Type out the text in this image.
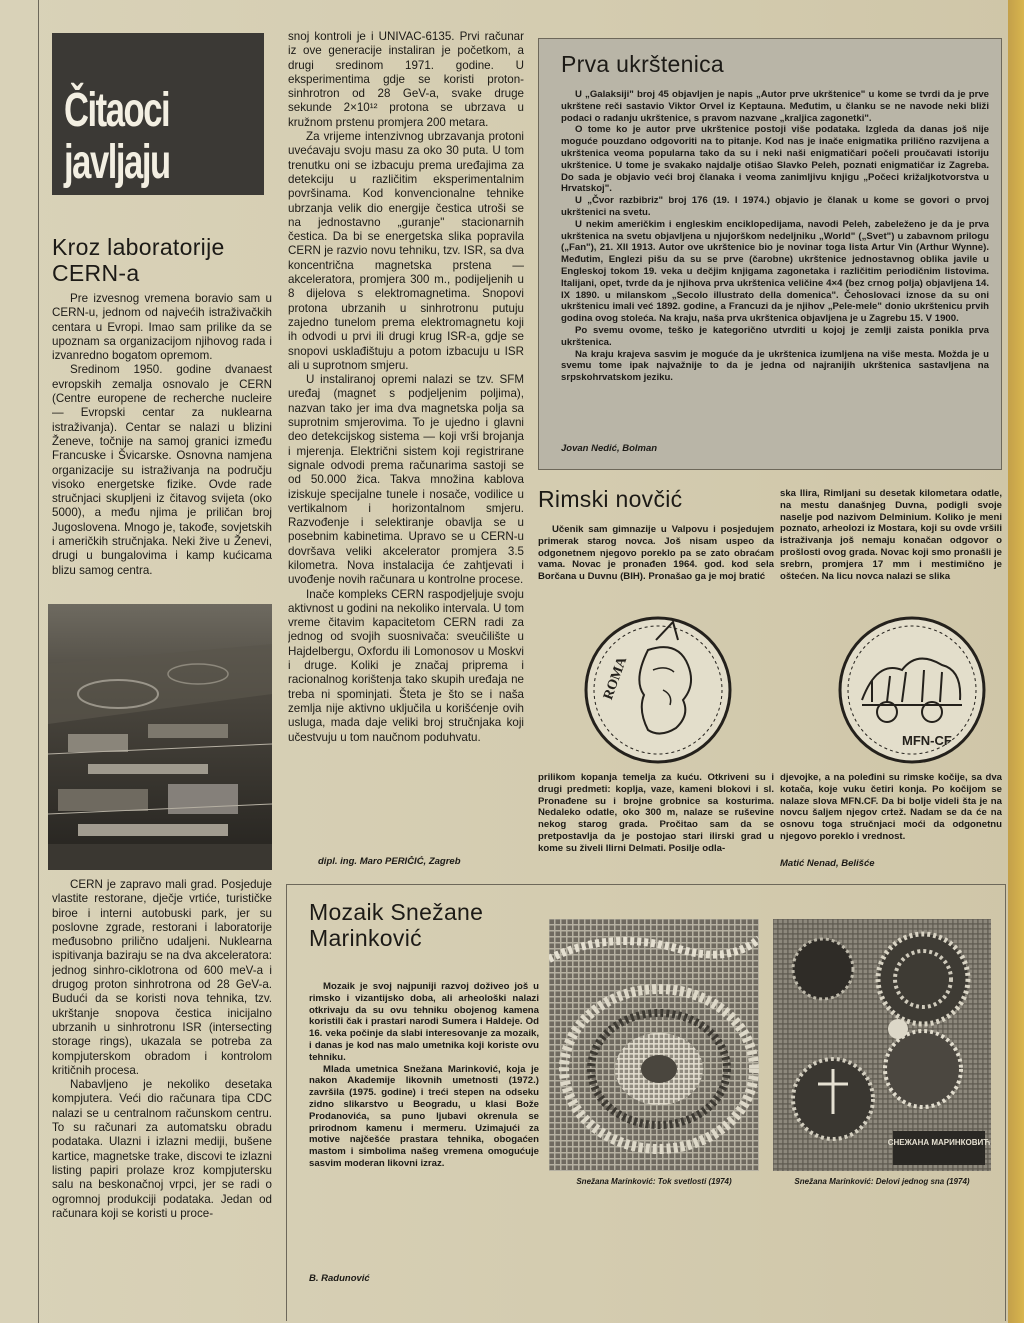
Čitaoci
javljaju
Kroz laboratorije
CERN-a

Pre izvesnog vremena boravio sam u CERN-u, jednom od najvećih istraživačkih centara u Evropi. Imao sam prilike da se upoznam sa organizacijom njihovog rada i izvanredno bogatom opremom.

Sredinom 1950. godine dvanaest evropskih zemalja osnovalo je CERN (Centre europene de recherche nucleire — Evropski centar za nuklearna istraživanja). Centar se nalazi u blizini Ženeve, točnije na samoj granici između Francuske i Švicarske. Osnovna namjena organizacije su istraživanja na području visoko energetske fizike. Ovde rade stručnjaci skupljeni iz čitavog svijeta (oko 5000), a među njima je priličan broj Jugoslovena. Mnogo je, takođe, sovjetskih i američkih stručnjaka. Neki žive u Ženevi, drugi u bungalovima i kamp kućicama blizu samog centra.

CERN je zapravo mali grad. Posjeduje vlastite restorane, dječje vrtiće, turističke biroe i interni autobuski park, jer su poslovne zgrade, restorani i laboratorije međusobno prilično udaljeni. Nuklearna ispitivanja baziraju se na dva akceleratora: jednog sinhro-ciklotrona od 600 meV-a i drugog proton sinhrotrona od 28 GeV-a. Budući da se koristi nova tehnika, tzv. ukrštanje snopova čestica inicijalno ubrzanih u sinhrotronu ISR (intersecting storage rings), ukazala se potreba za kompjuterskom obradom i kontrolom kritičnih procesa.

Nabavljeno je nekoliko desetaka kompjutera. Veći dio računara tipa CDC nalazi se u centralnom računskom centru. To su računari za automatsku obradu podataka. Ulazni i izlazni mediji, bušene kartice, magnetske trake, discovi te izlazni listing papiri prolaze kroz kompjutersku salu na beskonačnoj vrpci, jer se radi o ogromnoj produkciji podataka. Jedan od računara koji se koristi u proce-

snoj kontroli je i UNIVAC-6135. Prvi računar iz ove generacije instaliran je početkom, a drugi sredinom 1971. godine. U eksperimentima gdje se koristi proton-sinhrotron od 28 GeV-a, svake druge sekunde 2×10¹² protona se ubrzava u kružnom prstenu promjera 200 metara.

Za vrijeme intenzivnog ubrzavanja protoni uvećavaju svoju masu za oko 30 puta. U tom trenutku oni se izbacuju prema uređajima za detekciju u različitim eksperimentalnim površinama. Kod konvencionalne tehnike ubrzanja velik dio energije čestica utroši se na jednostavno „guranje" stacionarnih čestica. Da bi se energetska slika popravila CERN je razvio novu tehniku, tzv. ISR, sa dva koncentrična magnetska prstena — akceleratora, promjera 300 m., podijeljenih u 8 dijelova s elektromagnetima. Snopovi protona ubrzanih u sinhrotronu putuju zajedno tunelom prema elektromagnetu koji ih odvodi u prvi ili drugi krug ISR-a, gdje se snopovi usklađištuju a potom izbacuju u ISR ali u suprotnom smjeru.

U instaliranoj opremi nalazi se tzv. SFM uređaj (magnet s podjeljenim poljima), nazvan tako jer ima dva magnetska polja sa suprotnim smjerovima. To je ujedno i glavni deo detekcijskog sistema — koji vrši brojanja i mjerenja. Električni sistem koji registrirane signale odvodi prema računarima sastoji se od 50.000 žica. Takva množina kablova iziskuje specijalne tunele i nosače, vodilice u vertikalnom i horizontalnom smjeru. Razvođenje i selektiranje obavlja se u posebnim kabinetima. Upravo se u CERN-u dovršava veliki akcelerator promjera 3.5 kilometra. Nova instalacija će zahtjevati i uvođenje novih računara u kontrolne procese.

Inače kompleks CERN raspodjeljuje svoju aktivnost u godini na nekoliko intervala. U tom vreme čitavim kapacitetom CERN radi za jednog od svojih suosnivača: sveučilište u Hajdelbergu, Oxfordu ili Lomonosov u Moskvi i druge. Koliki je značaj priprema i racionalnog korištenja tako skupih uređaja ne treba ni spominjati. Šteta je što se i naša zemlja nije aktivno uključila u korišćenje ovih usluga, mada daje veliki broj stručnjaka koji učestvuju u tom naučnom poduhvatu.

dipl. ing. Maro PERIČIĆ, Zagreb
Prva ukrštenica

U „Galaksiji" broj 45 objavljen je napis „Autor prve ukrštenice" u kome se tvrdi da je prve ukrštene reči sastavio Viktor Orvel iz Keptauna. Međutim, u članku se ne navode neki bliži podaci o radanju ukrštenice, s pravom nazvane „kraljica zagonetki".

O tome ko je autor prve ukrštenice postoji više podataka. Izgleda da danas još nije moguće pouzdano odgovoriti na to pitanje. Kod nas je inače enigmatika prilično razvijena a ukrštenica veoma popularna tako da su i neki naši enigmatičari počeli proučavati istoriju ukrštenice. U tome je svakako najdalje otišao Slavko Peleh, poznati enigmatičar iz Zagreba. Do sada je objavio veći broj članaka i veoma zanimljivu knjigu „Počeci križaljkotvorstva u Hrvatskoj".

U „Čvor razbibriz" broj 176 (19. I 1974.) objavio je članak u kome se govori o prvoj ukrštenici na svetu.

U nekim američkim i engleskim enciklopedijama, navodi Peleh, zabeleženo je da je prva ukrštenica na svetu objavljena u njujorškom nedeljniku „World" („Svet") u zabavnom prilogu („Fan"), 21. XII 1913. Autor ove ukrštenice bio je novinar toga lista Artur Vin (Arthur Wynne). Međutim, Englezi pišu da su se prve (čarobne) ukrštenice jednostavnog oblika javile u Engleskoj tokom 19. veka u dečjim knjigama zagonetaka i različitim periodičnim listovima. Italijani, opet, tvrde da je njihova prva ukrštenica veličine 4×4 (bez crnog polja) objavljena 14. IX 1890. u milanskom „Secolo illustrato della domenica". Čehoslovaci iznose da su oni ukrštenicu imali već 1892. godine, a Francuzi da je njihov „Pele-mele" donio ukrštenicu prvih godina ovog stoleća. Na kraju, naša prva ukrštenica objavljena je u Zagrebu 15. V 1900.

Po svemu ovome, teško je kategorično utvrditi u kojoj je zemlji zaista ponikla prva ukrštenica.

Na kraju krajeva sasvim je moguće da je ukrštenica izumljena na više mesta. Možda je u svemu tome ipak najvažnije to da je jedna od najranijih ukrštenica sastavljena na srpskohrvatskom jeziku.

Jovan Nedić, Bolman
Rimski novčić

Učenik sam gimnazije u Valpovu i posjedujem primerak starog novca. Još nisam uspeo da odgonetnem njegovo poreklo pa se zato obraćam vama. Novac je pronađen 1964. god. kod sela Borčana u Duvnu (BIH). Pronašao ga je moj bratić

ska Ilira, Rimljani su desetak kilometara odatle, na mestu današnjeg Duvna, podigli svoje naselje pod nazivom Delminium. Koliko je meni poznato, arheolozi iz Mostara, koji su ovde vršili istraživanja još nemaju konačan odgovor o prošlosti ovog grada. Novac koji smo pronašli je srebrn, promjera 17 mm i mestimično je oštećen. Na licu novca nalazi se slika

ROMA
MFN-CF

prilikom kopanja temelja za kuću. Otkriveni su i drugi predmeti: koplja, vaze, kameni blokovi i sl. Pronađene su i brojne grobnice sa kosturima. Nedaleko odatle, oko 300 m, nalaze se ruševine nekog starog grada. Pročitao sam da se pretpostavlja da je postojao stari ilirski grad u kome su živeli Ilirni Delmati. Posilje odla-

djevojke, a na poleđini su rimske kočije, sa dva kotača, koje vuku četiri konja. Po kočijom se nalaze slova MFN.CF. Da bi bolje videli šta je na novcu šaljem njegov crtež. Nadam se da će na osnovu toga stručnjaci moći da odgonetnu njegovo poreklo i vrednost.

Matić Nenad, Belišće
Mozaik Snežane
Marinković

Mozaik je svoj najpuniji razvoj doživeo još u rimsko i vizantijsko doba, ali arheološki nalazi otkrivaju da su ovu tehniku obojenog kamena koristili čak i prastari narodi Sumera i Haldeje. Od 16. veka počinje da slabi interesovanje za mozaik, i danas je kod nas malo umetnika koji koriste ovu tehniku.

Mlada umetnica Snežana Marinković, koja je nakon Akademije likovnih umetnosti (1972.) završila (1975. godine) i treći stepen na odseku zidno slikarstvo u Beogradu, u klasi Bože Prodanovića, sa puno ljubavi okrenula se prirodnom kamenu i mermeru. Uzimajući za motive najčešće prastara tehnika, obogaćen mastom i simbolima našeg vremena omogućuje sasvim moderan likovni izraz.

B. Radunović
Snežana Marinković: Tok svetlosti (1974)
СНЕЖАНА МАРИНКОВИЋ
Snežana Marinković: Delovi jednog sna (1974)
